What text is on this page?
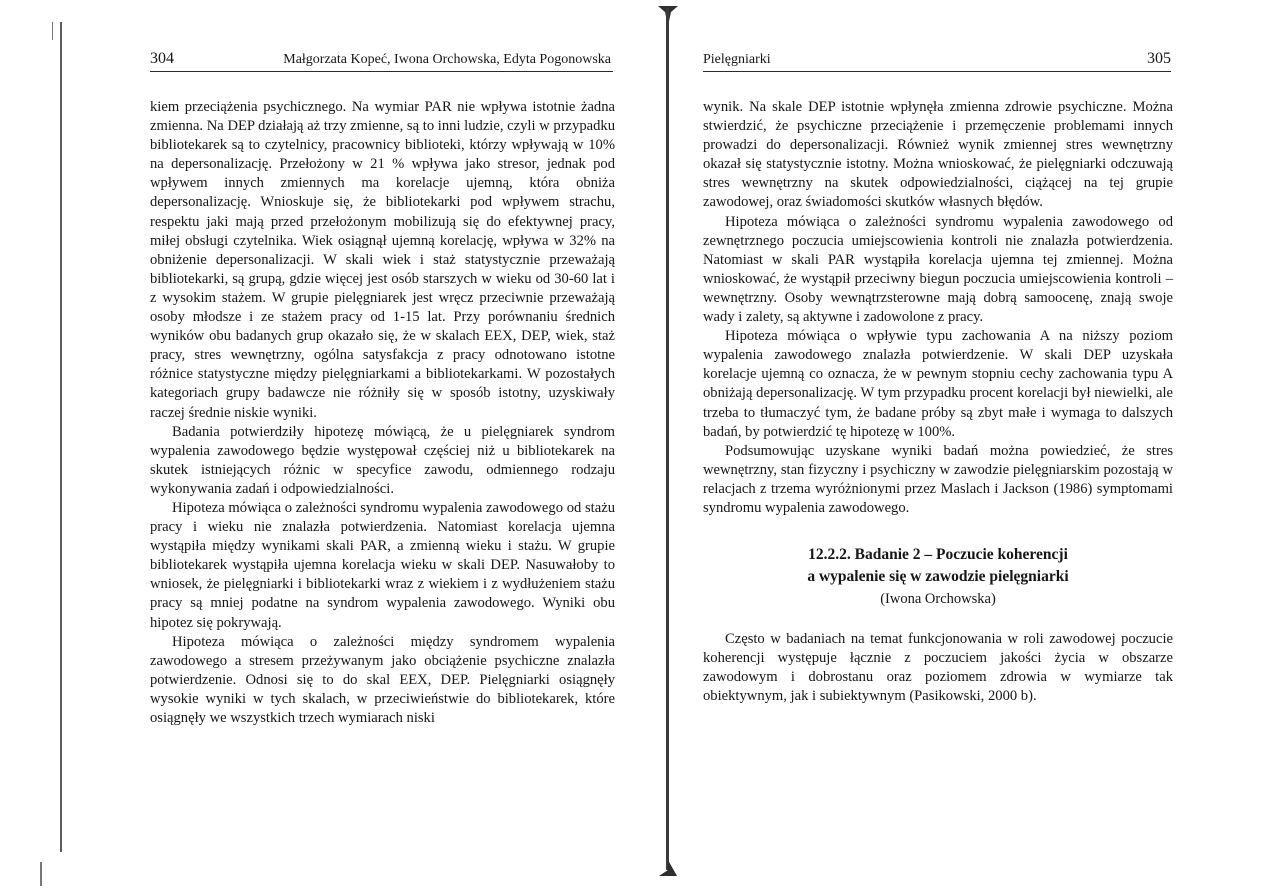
304	Małgorzata Kopeć, Iwona Orchowska, Edyta Pogonowska

kiem przeciążenia psychicznego. Na wymiar PAR nie wpływa istotnie żadna zmienna. Na DEP działają aż trzy zmienne, są to inni ludzie, czyli w przypadku bibliotekarek są to czytelnicy, pracownicy biblioteki, którzy wpływają w 10% na depersonalizację. Przełożony w 21 % wpływa jako stresor, jednak pod wpływem innych zmiennych ma korelacje ujemną, która obniża depersonalizację. Wnioskuje się, że bibliotekarki pod wpływem strachu, respektu jaki mają przed przełożonym mobilizują się do efektywnej pracy, miłej obsługi czytelnika. Wiek osiągnął ujemną korelację, wpływa w 32% na obniżenie depersonalizacji. W skali wiek i staż statystycznie przeważają bibliotekarki, są grupą, gdzie więcej jest osób starszych w wieku od 30-60 lat i z wysokim stażem. W grupie pielęgniarek jest wręcz przeciwnie przeważają osoby młodsze i ze stażem pracy od 1-15 lat. Przy porównaniu średnich wyników obu badanych grup okazało się, że w skalach EEX, DEP, wiek, staż pracy, stres wewnętrzny, ogólna satysfakcja z pracy odnotowano istotne różnice statystyczne między pielęgniarkami a bibliotekarkami. W pozostałych kategoriach grupy badawcze nie różniły się w sposób istotny, uzyskiwały raczej średnie niskie wyniki.

Badania potwierdziły hipotezę mówiącą, że u pielęgniarek syndrom wypalenia zawodowego będzie występował częściej niż u bibliotekarek na skutek istniejących różnic w specyfice zawodu, odmiennego rodzaju wykonywania zadań i odpowiedzialności.

Hipoteza mówiąca o zależności syndromu wypalenia zawodowego od stażu pracy i wieku nie znalazła potwierdzenia. Natomiast korelacja ujemna wystąpiła między wynikami skali PAR, a zmienną wieku i stażu. W grupie bibliotekarek wystąpiła ujemna korelacja wieku w skali DEP. Nasuwałoby to wniosek, że pielęgniarki i bibliotekarki wraz z wiekiem i z wydłużeniem stażu pracy są mniej podatne na syndrom wypalenia zawodowego. Wyniki obu hipotez się pokrywają.

Hipoteza mówiąca o zależności między syndromem wypalenia zawodowego a stresem przeżywanym jako obciążenie psychiczne znalazła potwierdzenie. Odnosi się to do skal EEX, DEP. Pielęgniarki osiągnęły wysokie wyniki w tych skalach, w przeciwieństwie do bibliotekarek, które osiągnęły we wszystkich trzech wymiarach niski

Pielęgniarki	305

wynik. Na skale DEP istotnie wpłynęła zmienna zdrowie psychiczne. Można stwierdzić, że psychiczne przeciążenie i przemęczenie problemami innych prowadzi do depersonalizacji. Również wynik zmiennej stres wewnętrzny okazał się statystycznie istotny. Można wnioskować, że pielęgniarki odczuwają stres wewnętrzny na skutek odpowiedzialności, ciążącej na tej grupie zawodowej, oraz świadomości skutków własnych błędów.

Hipoteza mówiąca o zależności syndromu wypalenia zawodowego od zewnętrznego poczucia umiejscowienia kontroli nie znalazła potwierdzenia. Natomiast w skali PAR wystąpiła korelacja ujemna tej zmiennej. Można wnioskować, że wystąpił przeciwny biegun poczucia umiejscowienia kontroli – wewnętrzny. Osoby wewnątrzsterowne mają dobrą samoocenę, znają swoje wady i zalety, są aktywne i zadowolone z pracy.

Hipoteza mówiąca o wpływie typu zachowania A na niższy poziom wypalenia zawodowego znalazła potwierdzenie. W skali DEP uzyskała korelacje ujemną co oznacza, że w pewnym stopniu cechy zachowania typu A obniżają depersonalizację. W tym przypadku procent korelacji był niewielki, ale trzeba to tłumaczyć tym, że badane próby są zbyt małe i wymaga to dalszych badań, by potwierdzić tę hipotezę w 100%.

Podsumowując uzyskane wyniki badań można powiedzieć, że stres wewnętrzny, stan fizyczny i psychiczny w zawodzie pielęgniarskim pozostają w relacjach z trzema wyróżnionymi przez Maslach i Jackson (1986) symptomami syndromu wypalenia zawodowego.

12.2.2. Badanie 2 – Poczucie koherencji
a wypalenie się w zawodzie pielęgniarki
(Iwona Orchowska)

Często w badaniach na temat funkcjonowania w roli zawodowej poczucie koherencji występuje łącznie z poczuciem jakości życia w obszarze zawodowym i dobrostanu oraz poziomem zdrowia w wymiarze tak obiektywnym, jak i subiektywnym (Pasikowski, 2000 b).
